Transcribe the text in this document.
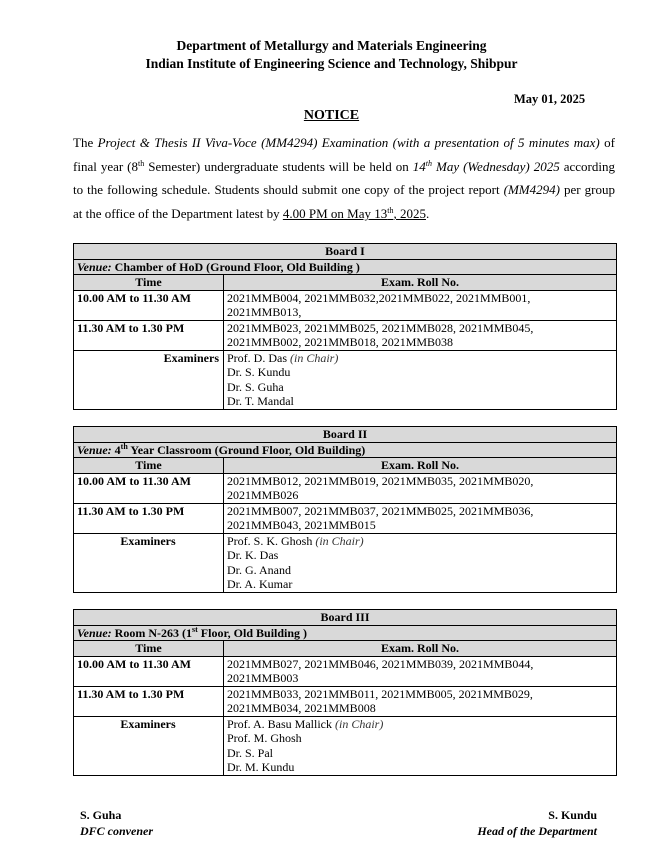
Department of Metallurgy and Materials Engineering
Indian Institute of Engineering Science and Technology, Shibpur
May 01, 2025
NOTICE
The Project & Thesis II Viva-Voce (MM4294) Examination (with a presentation of 5 minutes max) of final year (8th Semester) undergraduate students will be held on 14th May (Wednesday) 2025 according to the following schedule. Students should submit one copy of the project report (MM4294) per group at the office of the Department latest by 4.00 PM on May 13th, 2025.
Board I	
Venue: Chamber of HoD (Ground Floor, Old Building )	
Time	Exam. Roll No.
10.00 AM to 11.30 AM	2021MMB004, 2021MMB032,2021MMB022, 2021MMB001,
2021MMB013,

11.30 AM to 1.30 PM	2021MMB023, 2021MMB025, 2021MMB028, 2021MMB045,
2021MMB002, 2021MMB018, 2021MMB038

Examiners	Prof. D. Das (in Chair)
Dr. S. Kundu
Dr. S. Guha
Dr. T. Mandal
Board II	
Venue: 4th Year Classroom (Ground Floor, Old Building)	
Time	Exam. Roll No.
10.00 AM to 11.30 AM	2021MMB012, 2021MMB019, 2021MMB035, 2021MMB020,
2021MMB026

11.30 AM to 1.30 PM	2021MMB007, 2021MMB037, 2021MMB025, 2021MMB036,
2021MMB043, 2021MMB015

Examiners	Prof. S. K. Ghosh (in Chair)
Dr. K. Das
Dr. G. Anand
Dr. A. Kumar
Board III	
Venue: Room N-263 (1st Floor, Old Building )	
Time	Exam. Roll No.
10.00 AM to 11.30 AM	2021MMB027, 2021MMB046, 2021MMB039, 2021MMB044,
2021MMB003

11.30 AM to 1.30 PM	2021MMB033, 2021MMB011, 2021MMB005, 2021MMB029,
2021MMB034, 2021MMB008

Examiners	Prof. A. Basu Mallick (in Chair)
Prof. M. Ghosh
Dr. S. Pal
Dr. M. Kundu
S. Guha
DFC convener
S. Kundu
Head of the Department
